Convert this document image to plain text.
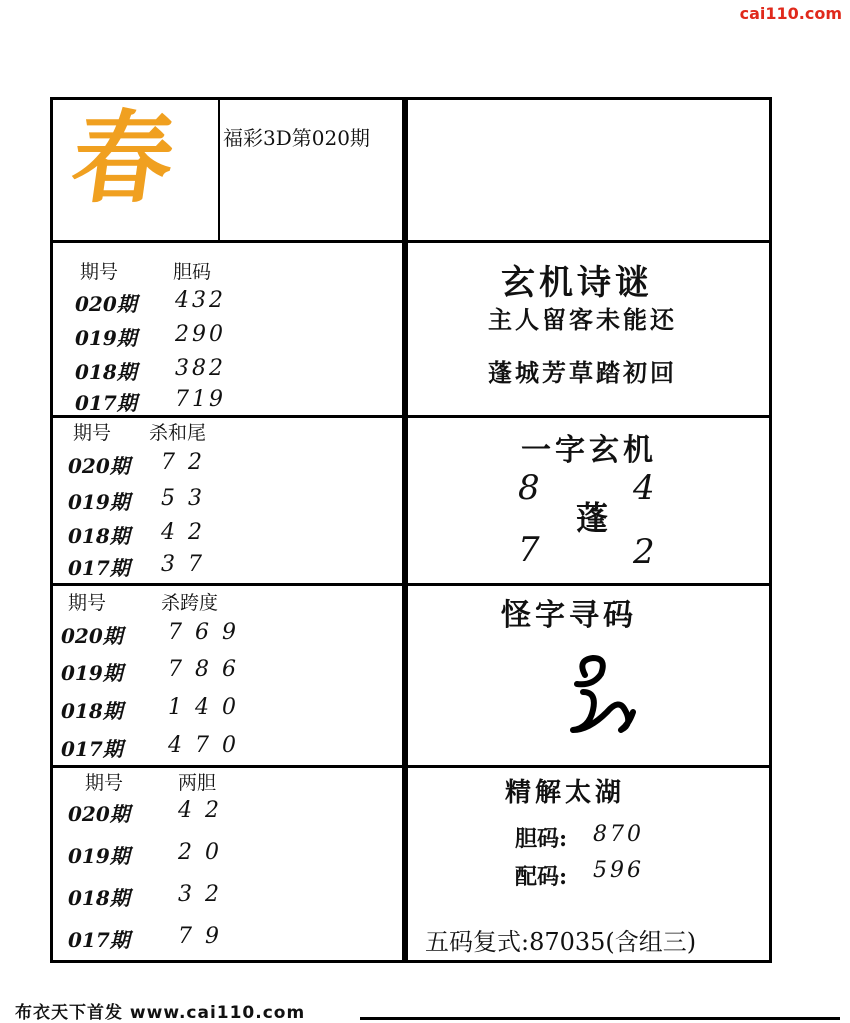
cai110.com
春 福彩3D第020期
期号	胆码
020期 432
019期 290
018期 382
017期 719
期号 杀和尾
020期 7 2
019期 5 3
018期 4 2
017期 3 7
期号	杀跨度
020期 7 6 9
019期 7 8 6
018期 1 4 0
017期 4 7 0
期号	两胆
020期 4 2
019期 2 0
018期 3 2
017期 7 9
玄机诗谜
主人留客未能还
蓬城芳草踏初回
一字玄机
8	4
蓬
7	2
怪字寻码
精解太湖
胆码: 870
配码: 596
五码复式:87035(含组三)
布衣天下首发 www.cai110.com
